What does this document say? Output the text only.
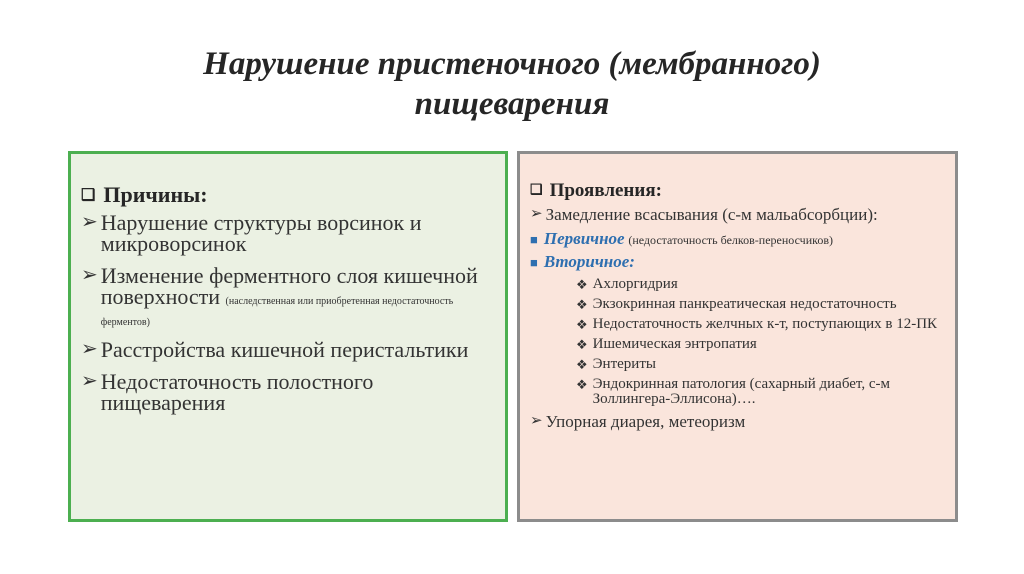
Нарушение пристеночного (мембранного)
пищеварения
❑ Причины:
➢ Нарушение структуры ворсинок и микроворсинок
➢ Изменение ферментного слоя кишечной поверхности (наследственная или приобретенная недостаточность ферментов)
➢ Расстройства кишечной перистальтики
➢ Недостаточность полостного пищеварения
❑ Проявления:
➢ Замедление всасывания (с-м мальабсорбции):
■ Первичное (недостаточность белков-переносчиков)
■ Вторичное:
❖ Ахлоргидрия
❖ Экзокринная панкреатическая недостаточность
❖ Недостаточность желчных к-т, поступающих в 12-ПК
❖ Ишемическая энтропатия
❖ Энтериты
❖ Эндокринная патология (сахарный диабет, с-м Золлингера-Эллисона)….
➢ Упорная диарея, метеоризм
